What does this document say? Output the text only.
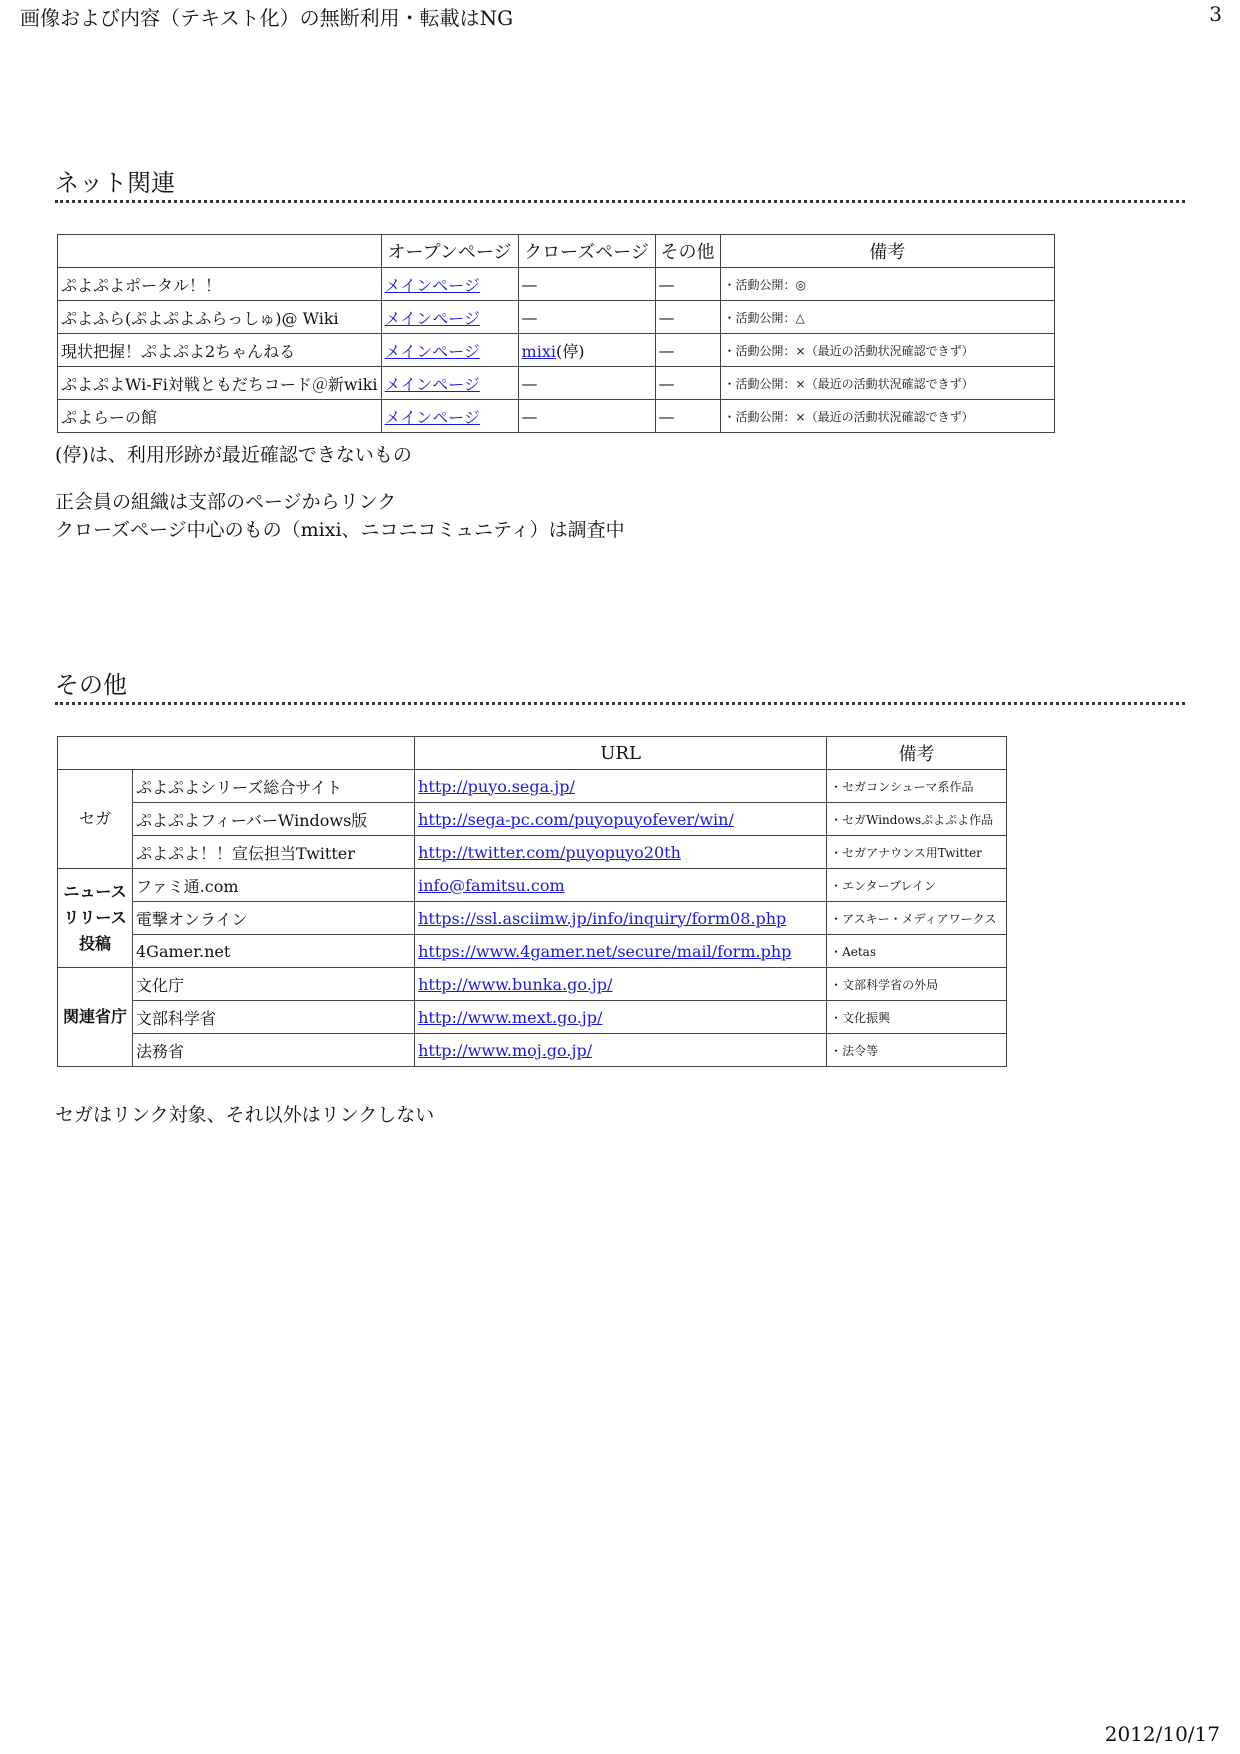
画像および内容（テキスト化）の無断利用・転載はNG	3
ネット関連
	オープンページ	クローズページ	その他	備考
ぷよぷよポータル！！	メインページ	—	—	・活動公開：◎
ぷよふら(ぷよぷよふらっしゅ)@ Wiki	メインページ	—	—	・活動公開：△
現状把握！ぷよぷよ2ちゃんねる	メインページ	mixi(停)	—	・活動公開：×（最近の活動状況確認できず）
ぷよぷよWi-Fi対戦ともだちコード＠新wiki	メインページ	—	—	・活動公開：×（最近の活動状況確認できず）
ぷよらーの館	メインページ	—	—	・活動公開：×（最近の活動状況確認できず）
(停)は、利用形跡が最近確認できないもの
正会員の組織は支部のページからリンク
クローズページ中心のもの（mixi、ニコニコミュニティ）は調査中
その他
		URL	備考
セガ	ぷよぷよシリーズ総合サイト	http://puyo.sega.jp/	・セガコンシューマ系作品
	ぷよぷよフィーバーWindows版	http://sega-pc.com/puyopuyofever/win/	・セガWindowsぷよぷよ作品
	ぷよぷよ！！宣伝担当Twitter	http://twitter.com/puyopuyo20th	・セガアナウンス用Twitter
ニュース
リリース
投稿	ファミ通.com	info@famitsu.com	・エンターブレイン
	電撃オンライン	https://ssl.asciimw.jp/info/inquiry/form08.php	・アスキー・メディアワークス
	4Gamer.net	https://www.4gamer.net/secure/mail/form.php	・Aetas
関連省庁	文化庁	http://www.bunka.go.jp/	・文部科学省の外局
	文部科学省	http://www.mext.go.jp/	・文化振興
	法務省	http://www.moj.go.jp/	・法令等
セガはリンク対象、それ以外はリンクしない
2012/10/17
